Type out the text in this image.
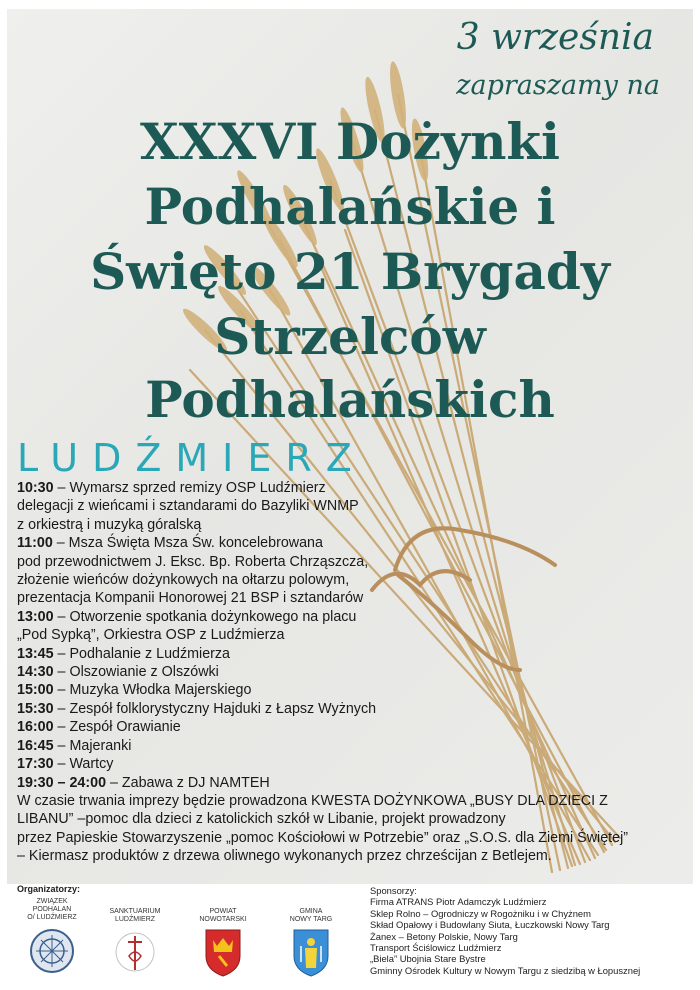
3 września
zapraszamy na
XXXVI Dożynki
Podhalańskie i
Święto 21 Brygady
Strzelców
Podhalańskich
LUDŹMIERZ
10:30 – Wymarsz sprzed remizy OSP Ludźmierz
delegacji z wieńcami i sztandarami do Bazyliki WNMP
z orkiestrą i muzyką góralską
11:00 – Msza Święta Msza Św. koncelebrowana
pod przewodnictwem J. Eksc. Bp. Roberta Chrząszcza,
złożenie wieńców dożynkowych na ołtarzu polowym,
prezentacja Kompanii Honorowej 21 BSP i sztandarów
13:00 – Otworzenie spotkania dożynkowego na placu
„Pod Sypką”, Orkiestra OSP z Ludźmierza
13:45 – Podhalanie z Ludźmierza
14:30 – Olszowianie z Olszówki
15:00 – Muzyka Włodka Majerskiego
15:30 – Zespół folklorystyczny Hajduki z Łapsz Wyżnych
16:00 – Zespół Orawianie
16:45 – Majeranki
17:30 – Wartcy
19:30 – 24:00 – Zabawa z DJ NAMTEH
W czasie trwania imprezy będzie prowadzona KWESTA DOŻYNKOWA „BUSY DLA DZIECI Z
LIBANU” –pomoc dla dzieci z katolickich szkół w Libanie, projekt prowadzony
przez Papieskie Stowarzyszenie „pomoc Kościołowi w Potrzebie” oraz „S.O.S. dla Ziemi Świętej”
– Kiermasz produktów z drzewa oliwnego wykonanych przez chrześcijan z Betlejem.
Organizatorzy:
ZWIĄZEK
PODHALAN
O/ LUDŹMIERZ
SANKTUARIUM
LUDŹMIERZ
POWIAT
NOWOTARSKI
GMINA
NOWY TARG
Sponsorzy:
Firma ATRANS Piotr Adamczyk Ludźmierz
Sklep Rolno – Ogrodniczy w Rogożniku i w Chyżnem
Skład Opałowy i Budowlany Siuta, Łuczkowski Nowy Targ
Żanex – Betony Polskie, Nowy Targ
Transport Ściślowicz Ludźmierz
„Biela” Ubojnia Stare Bystre
Gminny Ośrodek Kultury w Nowym Targu z siedzibą w Łopusznej
